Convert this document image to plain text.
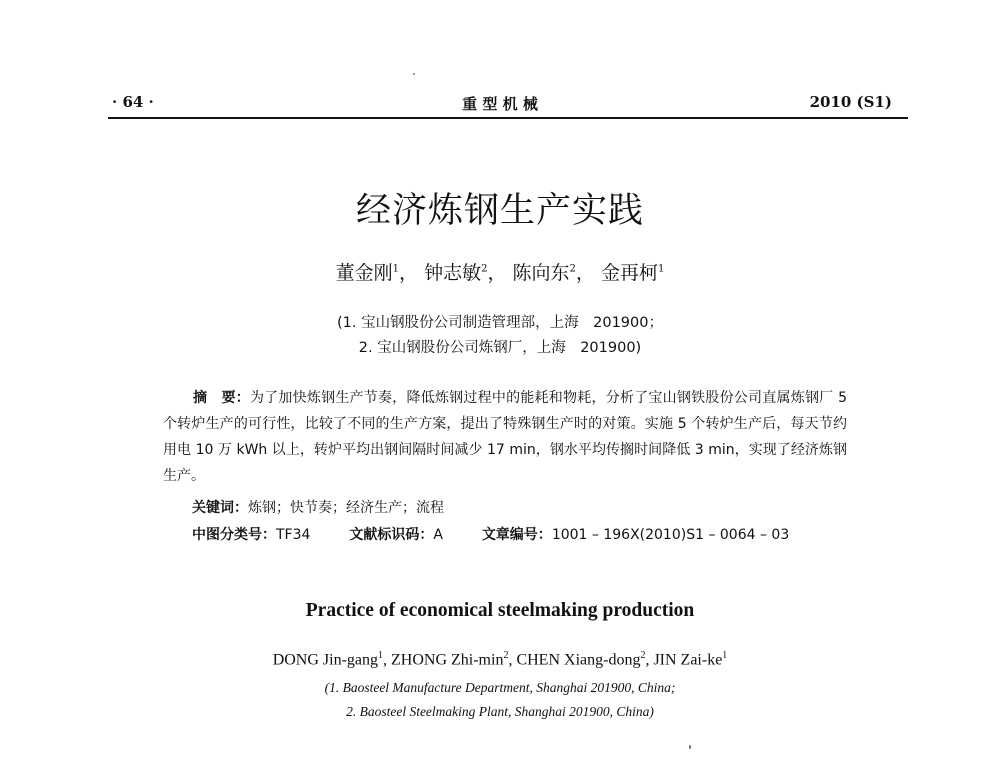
· 64 ·	重 型 机 械	2010 (S1)
经济炼钢生产实践
董金刚$^1$， 钟志敏$^2$， 陈向东$^2$， 金再柯$^1$
(1. 宝山钢股份公司制造管理部，上海　201900；
2. 宝山钢股份公司炼钢厂，上海　201900)
摘　要：为了加快炼钢生产节奏，降低炼钢过程中的能耗和物耗，分析了宝山钢铁股份公司直属炼钢厂 5 个转炉生产的可行性，比较了不同的生产方案，提出了特殊钢生产时的对策。实施 5 个转炉生产后，每天节约用电 10 万 kWh 以上，转炉平均出钢间隔时间减少 17 min，钢水平均传搁时间降低 3 min，实现了经济炼钢生产。
关键词：炼钢；快节奏；经济生产；流程
中图分类号：TF34	文献标识码：A	文章编号：1001 – 196X(2010)S1 – 0064 – 03
Practice of economical steelmaking production
DONG Jin-gang$^1$, ZHONG Zhi-$\min^2$, CHEN Xiang-dong$^2$, JIN Zai-$ke^1$
(1. Baosteel Manufacture Department, Shanghai 201900, China;
2. Baosteel Steelmaking Plant, Shanghai 201900, China)
